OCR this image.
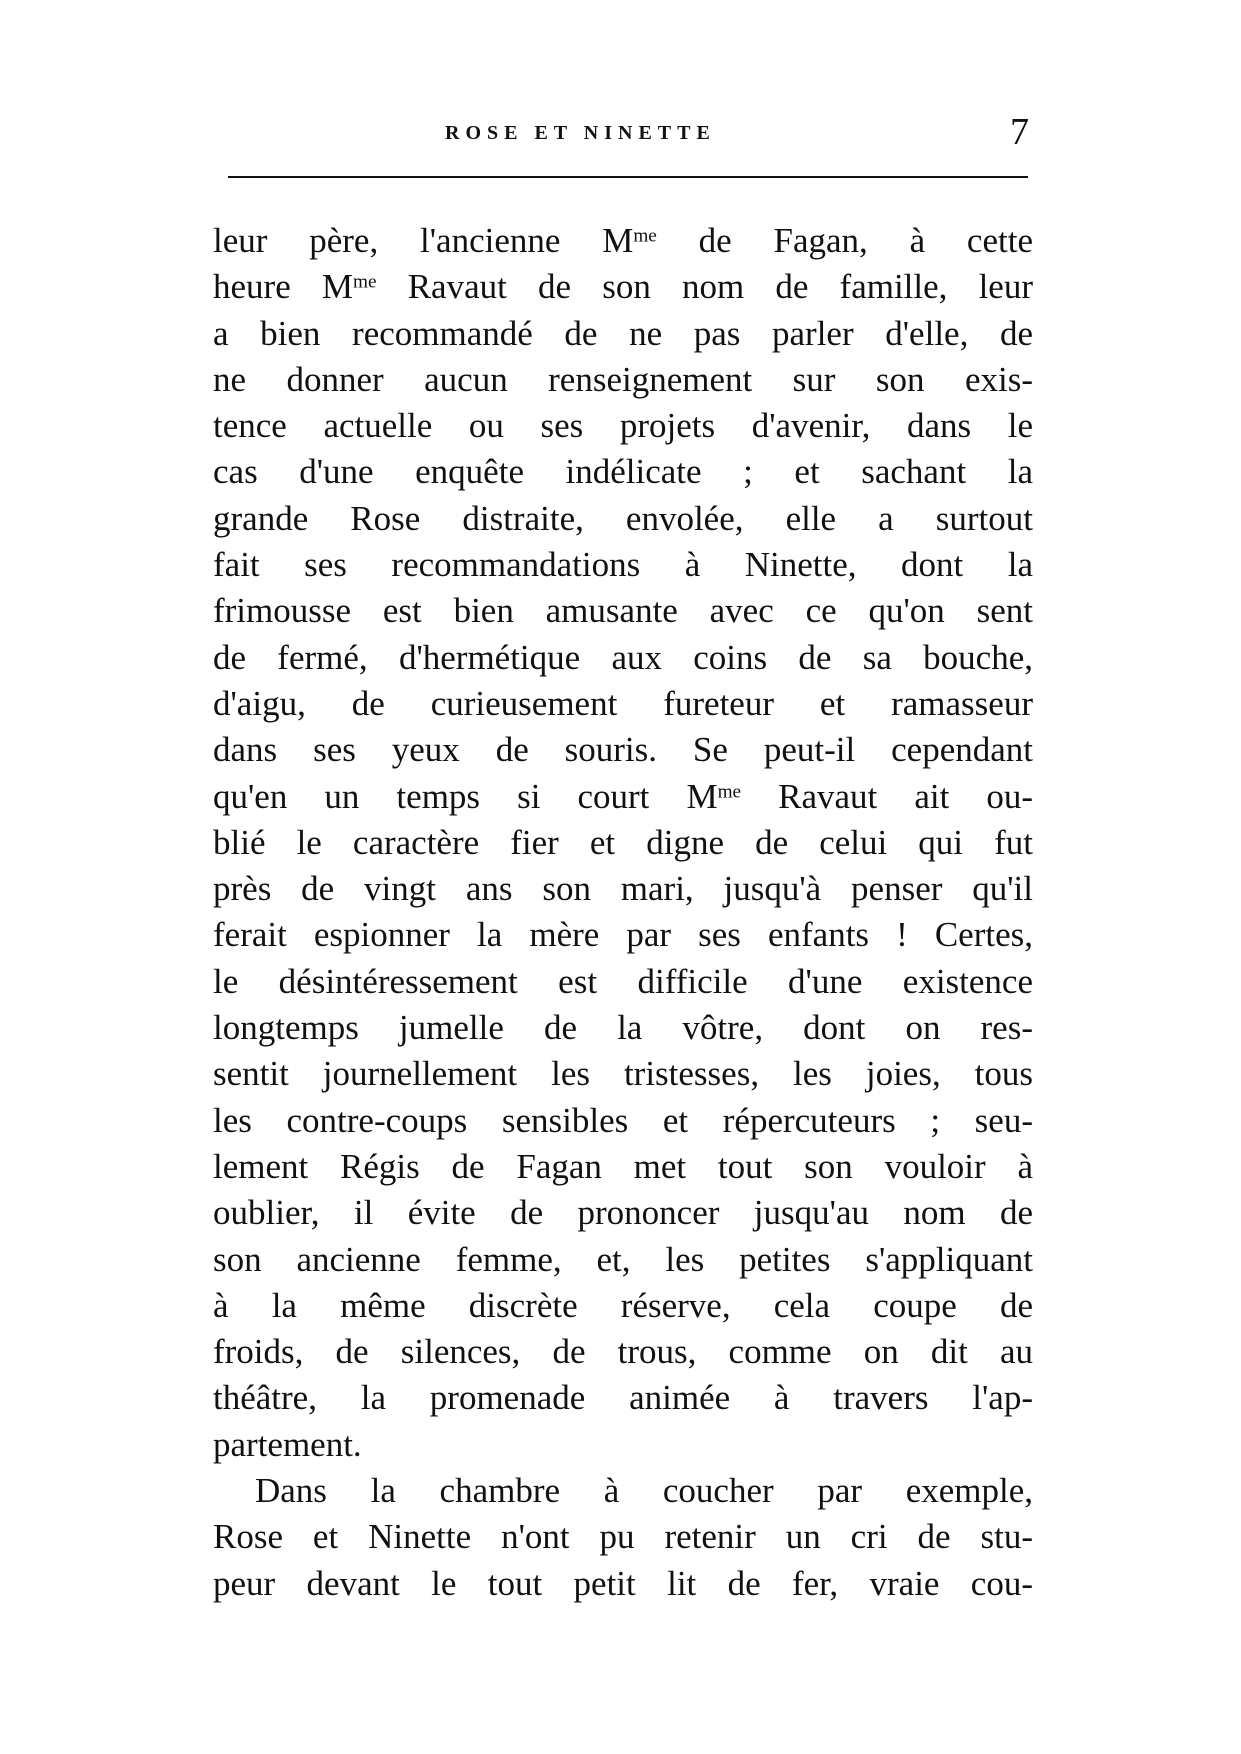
ROSE ET NINETTE	7
leur père, l'ancienne $M^{me}$ de Fagan, à cette
heure $M^{me}$ Ravaut de son nom de famille, leur
a bien recommandé de ne pas parler d'elle, de
ne donner aucun renseignement sur son exis-
tence actuelle ou ses projets d'avenir, dans le
cas d'une enquête indélicate ; et sachant la
grande Rose distraite, envolée, elle a surtout
fait ses recommandations à Ninette, dont la
frimousse est bien amusante avec ce qu'on sent
de fermé, d'hermétique aux coins de sa bouche,
d'aigu, de curieusement fureteur et ramasseur
dans ses yeux de souris. Se peut-il cependant
qu'en un temps si court $M^{me}$ Ravaut ait ou-
blié le caractère fier et digne de celui qui fut
près de vingt ans son mari, jusqu'à penser qu'il
ferait espionner la mère par ses enfants ! Certes,
le désintéressement est difficile d'une existence
longtemps jumelle de la vôtre, dont on res-
sentit journellement les tristesses, les joies, tous
les contre-coups sensibles et répercuteurs ; seu-
lement Régis de Fagan met tout son vouloir à
oublier, il évite de prononcer jusqu'au nom de
son ancienne femme, et, les petites s'appliquant
à la même discrète réserve, cela coupe de
froids, de silences, de trous, comme on dit au
théâtre, la promenade animée à travers l'ap-
partement.
Dans la chambre à coucher par exemple,
Rose et Ninette n'ont pu retenir un cri de stu-
peur devant le tout petit lit de fer, vraie cou-
